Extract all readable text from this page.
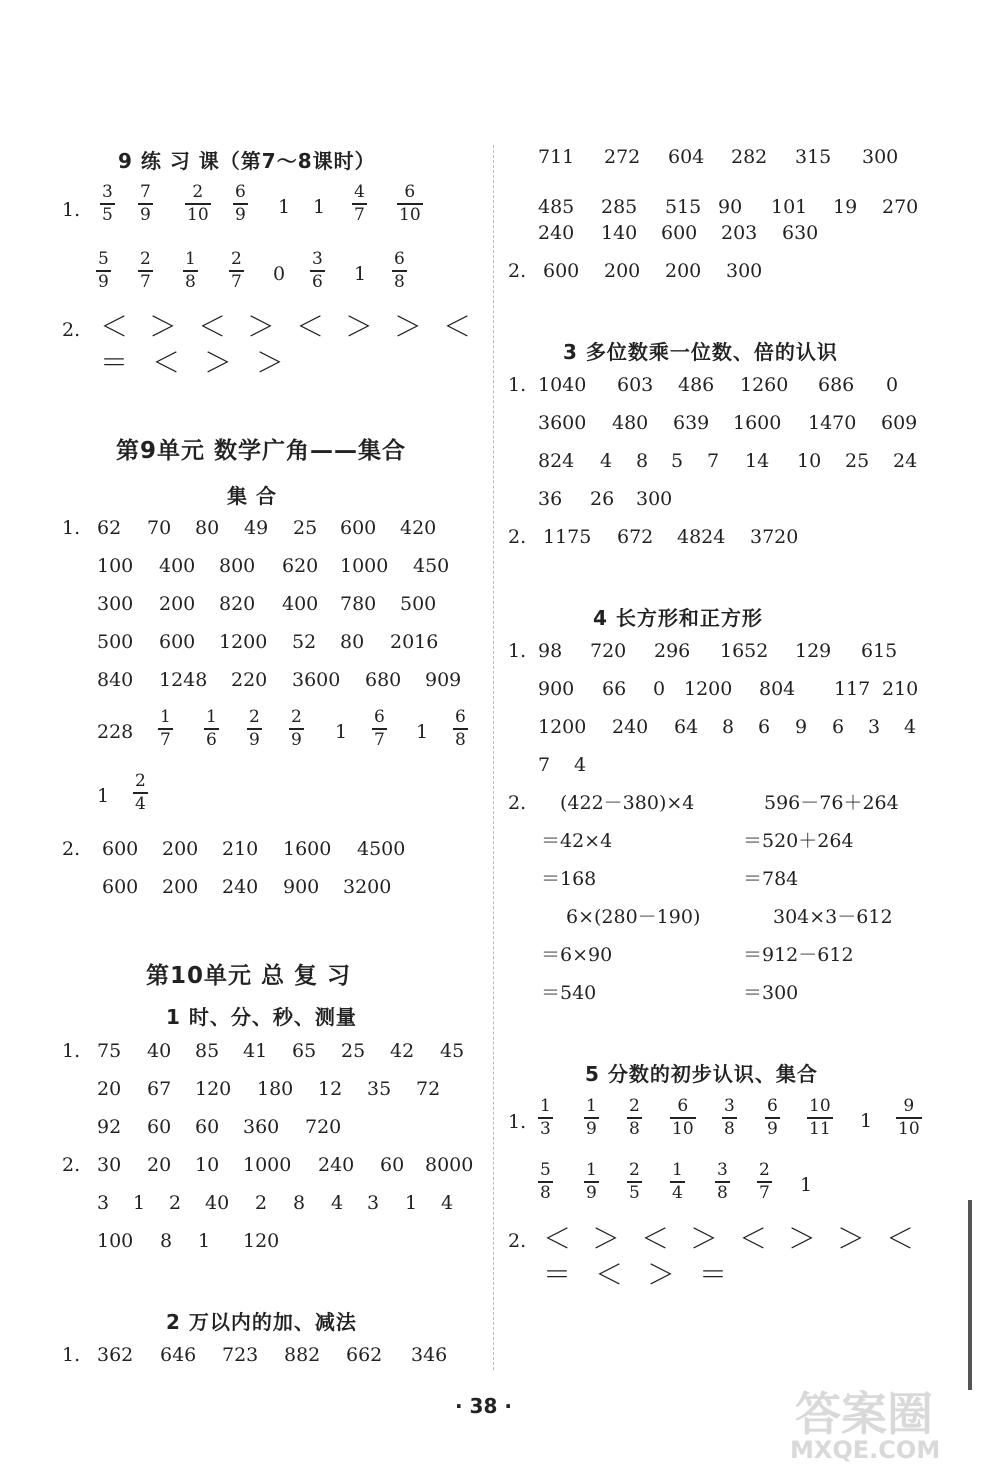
9 练 习 课（第7～8课时）
1.
3
5
7
9
2
10
6
9 1 1
4
7
6
10
5
9
2
7
1
8
2
7 0
3
6 1
6
8
2. ＜ ＞ ＜ ＞ ＜ ＞ ＞ ＜
＝ ＜ ＞ ＞
第9单元 数学广角——集合
集 合
1. 62 70 80 49 25 600 420
100 400 800 620 1000 450
300 200 820 400 780 500
500 600 1200 52 80 2016
840 1248 220 3600 680 909
228
1
7
1
6
2
9
2
9 1
6
7 1
6
8
1
2
4
2. 600 200 210 1600 4500
600 200 240 900 3200
第10单元 总 复 习
1 时、分、秒、测量
1. 75 40 85 41 65 25 42 45
20 67 120 180 12 35 72
92 60 60 360 720
2. 30 20 10 1000 240 60 8000
3 1 2 40 2 8 4 3 1 4
100 8 1 120
2 万以内的加、减法
1. 362 646 723 882 662 346
711 272 604 282 315 300
485 285 515 90 101 19 270
240 140 600 203 630
2. 600 200 200 300
3 多位数乘一位数、倍的认识
1. 1040 603 486 1260 686 0
3600 480 639 1600 1470 609
824 4 8 5 7 14 10 25 24
36 26 300
2. 1175 672 4824 3720
4 长方形和正方形
1. 98 720 296 1652 129 615
900 66 0 1200 804 117 210
1200 240 64 8 6 9 6 3 4
7 4
2. (422－380)×4	596－76＋264
＝42×4	＝520＋264
＝168	＝784
6×(280－190)	304×3－612
＝6×90	＝912－612
＝540	＝300
5 分数的初步认识、集合
1.
1
3
1
9
2
8
6
10
3
8
6
9
10
11 1
9
10
5
8
1
9
2
5
1
4
3
8
2
7 1
2. ＜ ＞ ＜ ＞ ＜ ＞ ＞ ＜
＝ ＜ ＞ ＝
· 38 ·	答案圈
MXQE.COM
